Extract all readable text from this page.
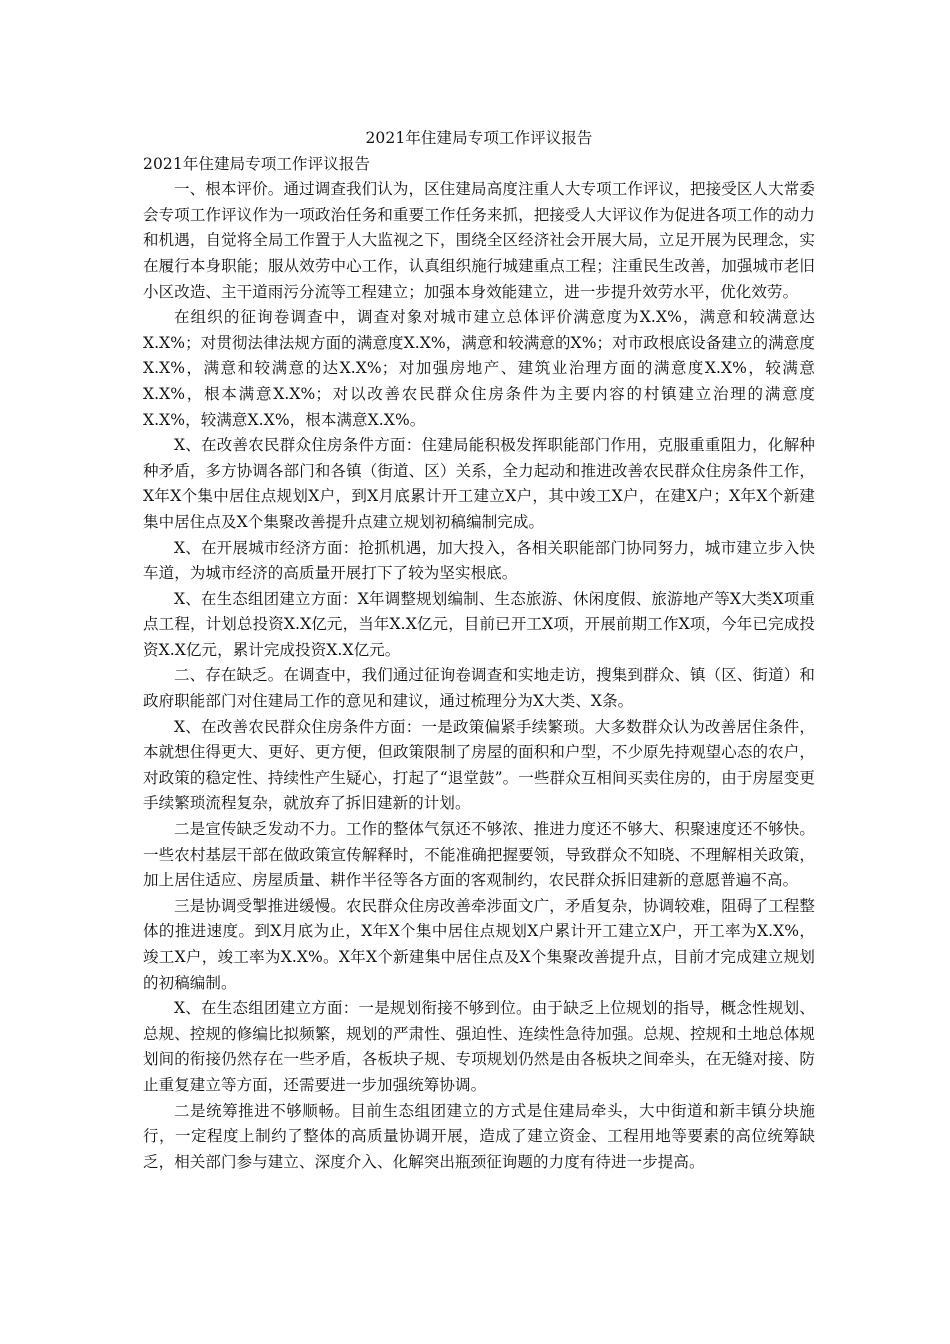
2021年住建局专项工作评议报告
2021年住建局专项工作评议报告

一、根本评价。通过调查我们认为，区住建局高度注重人大专项工作评议，把接受区人大常委会专项工作评议作为一项政治任务和重要工作任务来抓，把接受人大评议作为促进各项工作的动力和机遇，自觉将全局工作置于人大监视之下，围绕全区经济社会开展大局，立足开展为民理念，实在履行本身职能；服从效劳中心工作，认真组织施行城建重点工程；注重民生改善，加强城市老旧小区改造、主干道雨污分流等工程建立；加强本身效能建立，进一步提升效劳水平，优化效劳。

在组织的征询卷调查中，调查对象对城市建立总体评价满意度为X.X%，满意和较满意达X.X%；对贯彻法律法规方面的满意度X.X%，满意和较满意的X%；对市政根底设备建立的满意度X.X%，满意和较满意的达X.X%；对加强房地产、建筑业治理方面的满意度X.X%，较满意X.X%，根本满意X.X%；对以改善农民群众住房条件为主要内容的村镇建立治理的满意度X.X%，较满意X.X%，根本满意X.X%。

X、在改善农民群众住房条件方面：住建局能积极发挥职能部门作用，克服重重阻力，化解种种矛盾，多方协调各部门和各镇（街道、区）关系，全力起动和推进改善农民群众住房条件工作，X年X个集中居住点规划X户，到X月底累计开工建立X户，其中竣工X户，在建X户；X年X个新建集中居住点及X个集聚改善提升点建立规划初稿编制完成。

X、在开展城市经济方面：抢抓机遇，加大投入，各相关职能部门协同努力，城市建立步入快车道，为城市经济的高质量开展打下了较为坚实根底。

X、在生态组团建立方面：X年调整规划编制、生态旅游、休闲度假、旅游地产等X大类X项重点工程，计划总投资X.X亿元，当年X.X亿元，目前已开工X项，开展前期工作X项，今年已完成投资X.X亿元，累计完成投资X.X亿元。

二、存在缺乏。在调查中，我们通过征询卷调查和实地走访，搜集到群众、镇（区、街道）和政府职能部门对住建局工作的意见和建议，通过梳理分为X大类、X条。

X、在改善农民群众住房条件方面：一是政策偏紧手续繁琐。大多数群众认为改善居住条件，本就想住得更大、更好、更方便，但政策限制了房屋的面积和户型，不少原先持观望心态的农户，对政策的稳定性、持续性产生疑心，打起了“退堂鼓”。一些群众互相间买卖住房的，由于房屋变更手续繁琐流程复杂，就放弃了拆旧建新的计划。

二是宣传缺乏发动不力。工作的整体气氛还不够浓、推进力度还不够大、积聚速度还不够快。一些农村基层干部在做政策宣传解释时，不能准确把握要领，导致群众不知晓、不理解相关政策，加上居住适应、房屋质量、耕作半径等各方面的客观制约，农民群众拆旧建新的意愿普遍不高。

三是协调受掣推进缓慢。农民群众住房改善牵涉面文广，矛盾复杂，协调较难，阻碍了工程整体的推进速度。到X月底为止，X年X个集中居住点规划X户累计开工建立X户，开工率为X.X%，竣工X户，竣工率为X.X%。X年X个新建集中居住点及X个集聚改善提升点，目前才完成建立规划的初稿编制。

X、在生态组团建立方面：一是规划衔接不够到位。由于缺乏上位规划的指导，概念性规划、总规、控规的修编比拟频繁，规划的严肃性、强迫性、连续性急待加强。总规、控规和土地总体规划间的衔接仍然存在一些矛盾，各板块子规、专项规划仍然是由各板块之间牵头，在无缝对接、防止重复建立等方面，还需要进一步加强统筹协调。

二是统筹推进不够顺畅。目前生态组团建立的方式是住建局牵头，大中街道和新丰镇分块施行，一定程度上制约了整体的高质量协调开展，造成了建立资金、工程用地等要素的高位统筹缺乏，相关部门参与建立、深度介入、化解突出瓶颈征询题的力度有待进一步提高。
